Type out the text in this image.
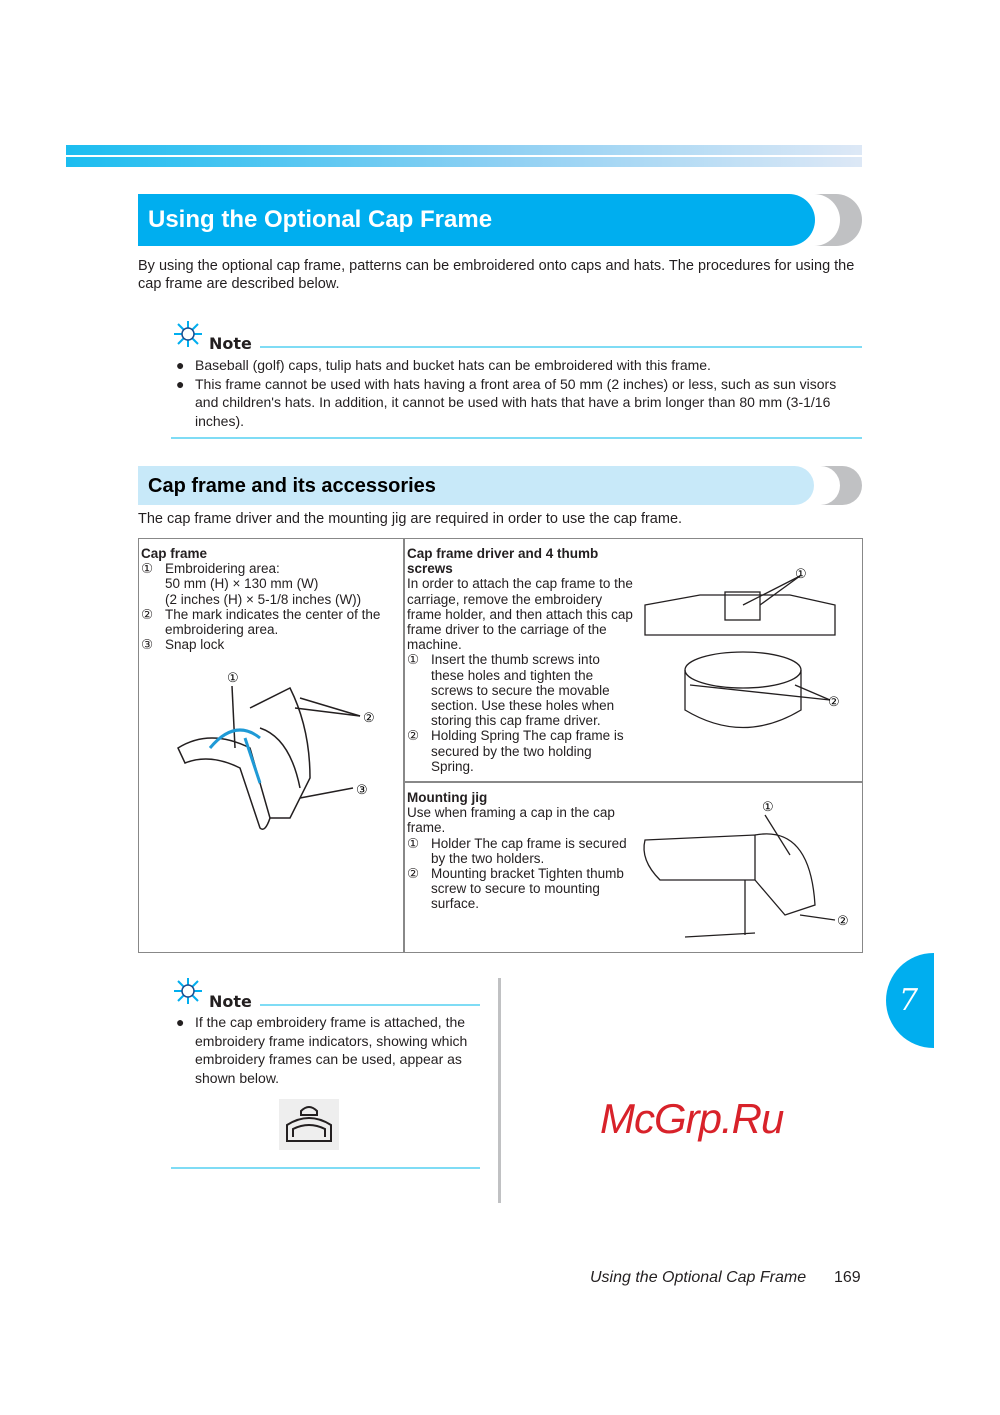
Using the Optional Cap Frame
By using the optional cap frame, patterns can be embroidered onto caps and hats. The procedures for using the cap frame are described below.
Note
● Baseball (golf) caps, tulip hats and bucket hats can be embroidered with this frame.
● This frame cannot be used with hats having a front area of 50 mm (2 inches) or less, such as sun visors and children's hats. In addition, it cannot be used with hats that have a brim longer than 80 mm (3-1/16 inches).
Cap frame and its accessories
The cap frame driver and the mounting jig are required in order to use the cap frame.
Cap frame
① Embroidering area:
50 mm (H) × 130 mm (W)
(2 inches (H) × 5-1/8 inches (W))
② The mark indicates the center of the embroidering area.
③ Snap lock
①
②
③
Cap frame driver and 4 thumb screws
In order to attach the cap frame to the carriage, remove the embroidery frame holder, and then attach this cap frame driver to the carriage of the machine.
① Insert the thumb screws into these holes and tighten the screws to secure the movable section. Use these holes when storing this cap frame driver.
② Holding Spring The cap frame is secured by the two holding Spring.
①
②
Mounting jig
Use when framing a cap in the cap frame.
① Holder The cap frame is secured by the two holders.
② Mounting bracket Tighten thumb screw to secure to mounting surface.
①
②
McGrp.Ru
Note
● If the cap embroidery frame is attached, the embroidery frame indicators, showing which embroidery frames can be used, appear as shown below.
7
Using the Optional Cap Frame 169
